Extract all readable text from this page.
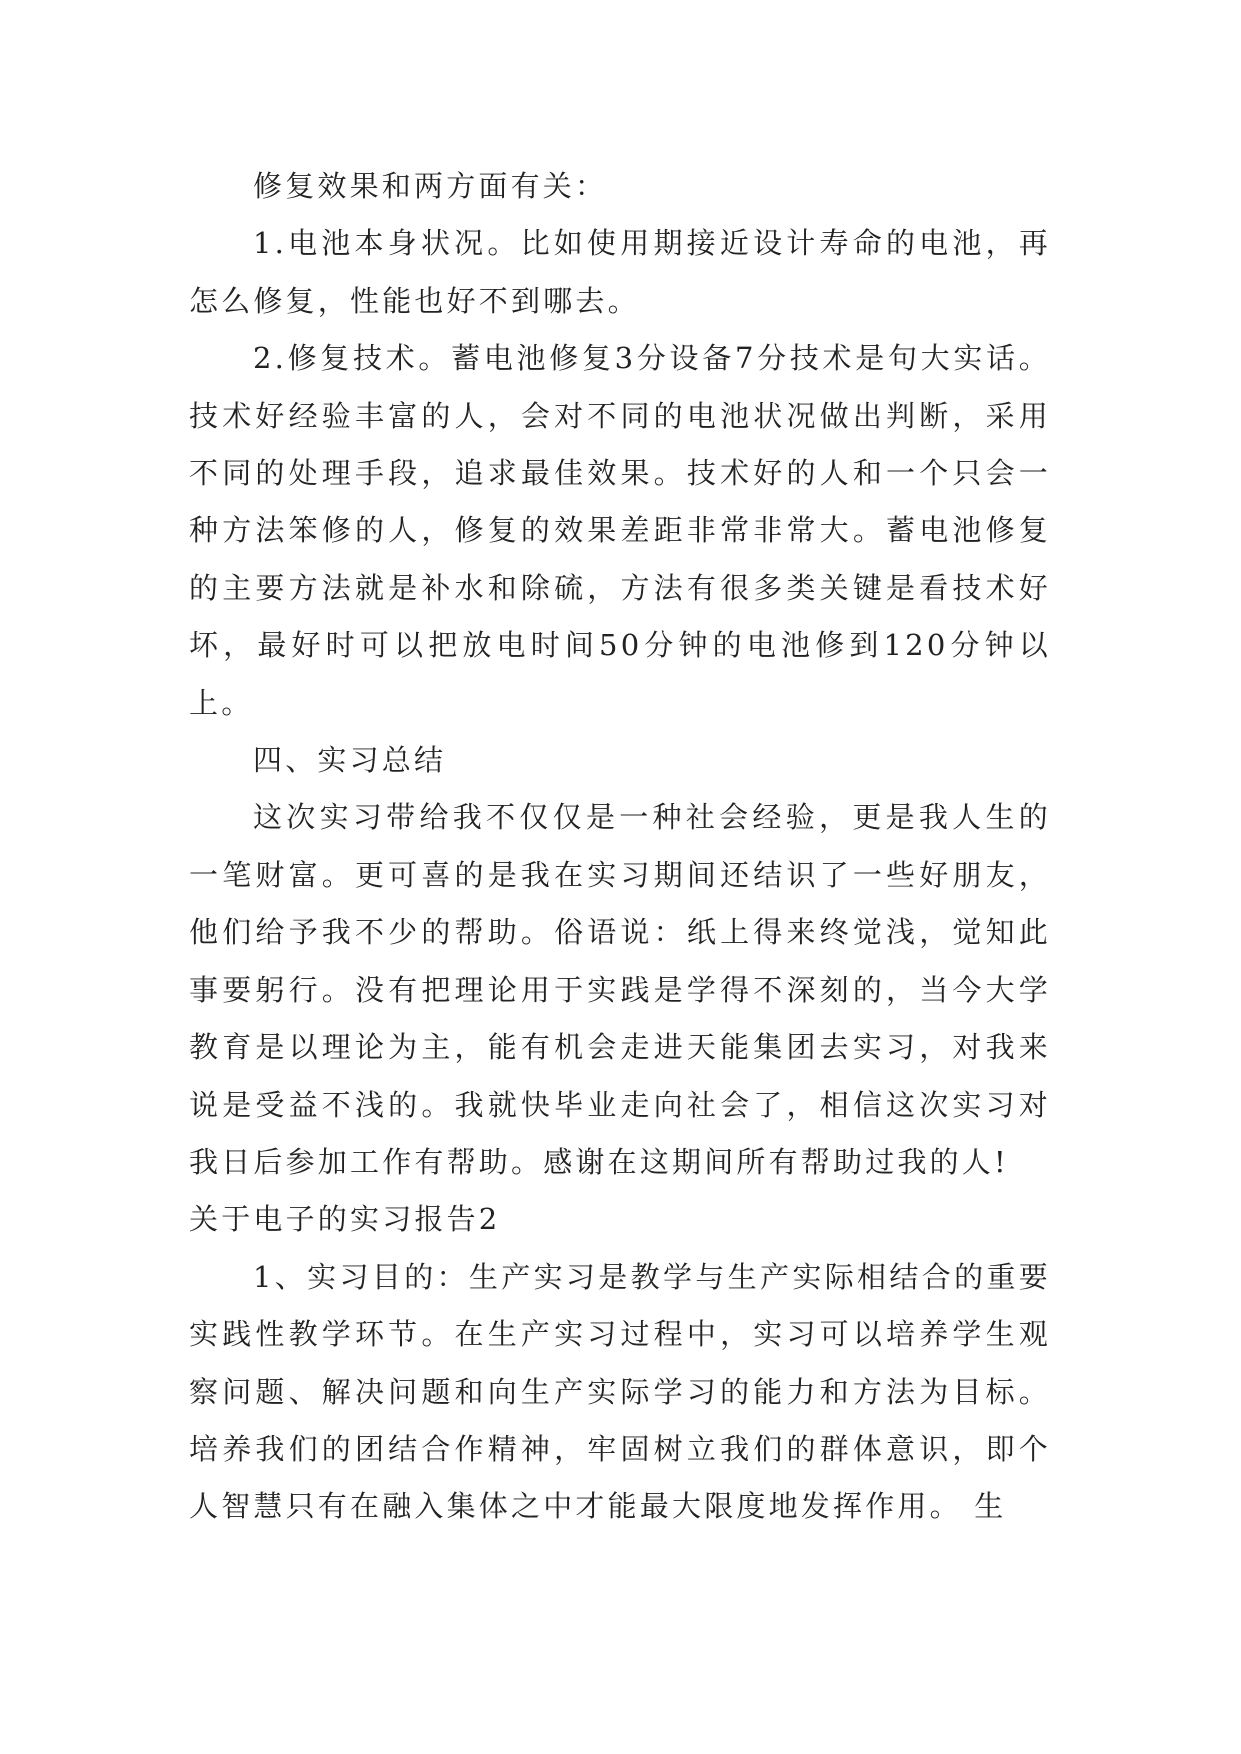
修复效果和两方面有关：

1.电池本身状况。比如使用期接近设计寿命的电池，再怎么修复，性能也好不到哪去。

2.修复技术。蓄电池修复3分设备7分技术是句大实话。技术好经验丰富的人，会对不同的电池状况做出判断，采用不同的处理手段，追求最佳效果。技术好的人和一个只会一种方法笨修的人，修复的效果差距非常非常大。蓄电池修复的主要方法就是补水和除硫，方法有很多类关键是看技术好坏，最好时可以把放电时间50分钟的电池修到120分钟以上。

四、实习总结

这次实习带给我不仅仅是一种社会经验，更是我人生的一笔财富。更可喜的是我在实习期间还结识了一些好朋友，他们给予我不少的帮助。俗语说：纸上得来终觉浅，觉知此事要躬行。没有把理论用于实践是学得不深刻的，当今大学教育是以理论为主，能有机会走进天能集团去实习，对我来说是受益不浅的。我就快毕业走向社会了，相信这次实习对我日后参加工作有帮助。感谢在这期间所有帮助过我的人!

关于电子的实习报告2

1、实习目的：生产实习是教学与生产实际相结合的重要实践性教学环节。在生产实习过程中，实习可以培养学生观察问题、解决问题和向生产实际学习的能力和方法为目标。培养我们的团结合作精神，牢固树立我们的群体意识，即个人智慧只有在融入集体之中才能最大限度地发挥作用。 生
